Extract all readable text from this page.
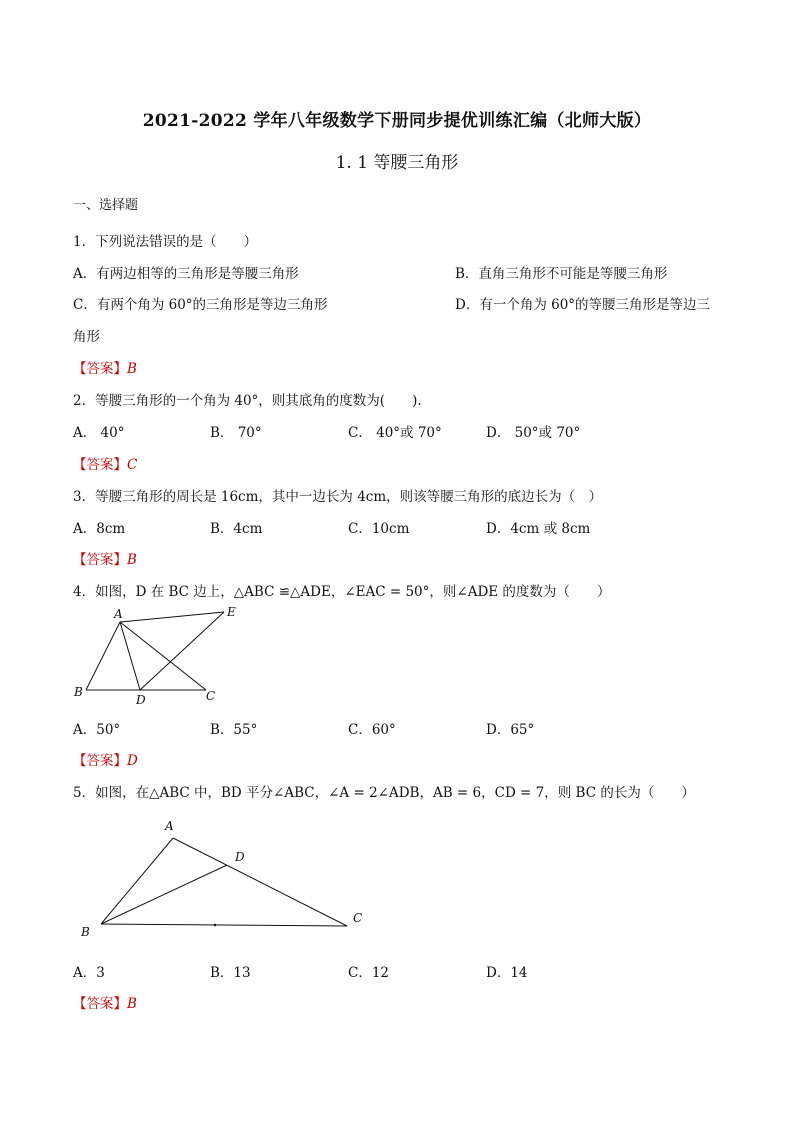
2021-2022 学年八年级数学下册同步提优训练汇编（北师大版）
1. 1 等腰三角形
一、选择题
1．下列说法错误的是（　　）
A．有两边相等的三角形是等腰三角形	B．直角三角形不可能是等腰三角形
C．有两个角为 60°的三角形是等边三角形	D．有一个角为 60°的等腰三角形是等边三
角形
【答案】B
2．等腰三角形的一个角为 40°，则其底角的度数为(　　).
A． 40°	B． 70°	C． 40°或 70°	D． 50°或 70°
【答案】C
3．等腰三角形的周长是 16cm，其中一边长为 4cm，则该等腰三角形的底边长为（　）
A．8cm	B．4cm	C．10cm	D．4cm 或 8cm
【答案】B
4．如图，D 在 BC 边上，△ABC ≌△ADE，∠EAC = 50°，则∠ADE 的度数为（　　）
A	E
B
D	C
A．50°	B．55°	C．60°	D．65°
【答案】D
5．如图，在△ABC 中，BD 平分∠ABC，∠A = 2∠ADB，AB = 6，CD = 7，则 BC 的长为（　　）
A
D
B
C
A．3	B．13	C．12	D．14
【答案】B
